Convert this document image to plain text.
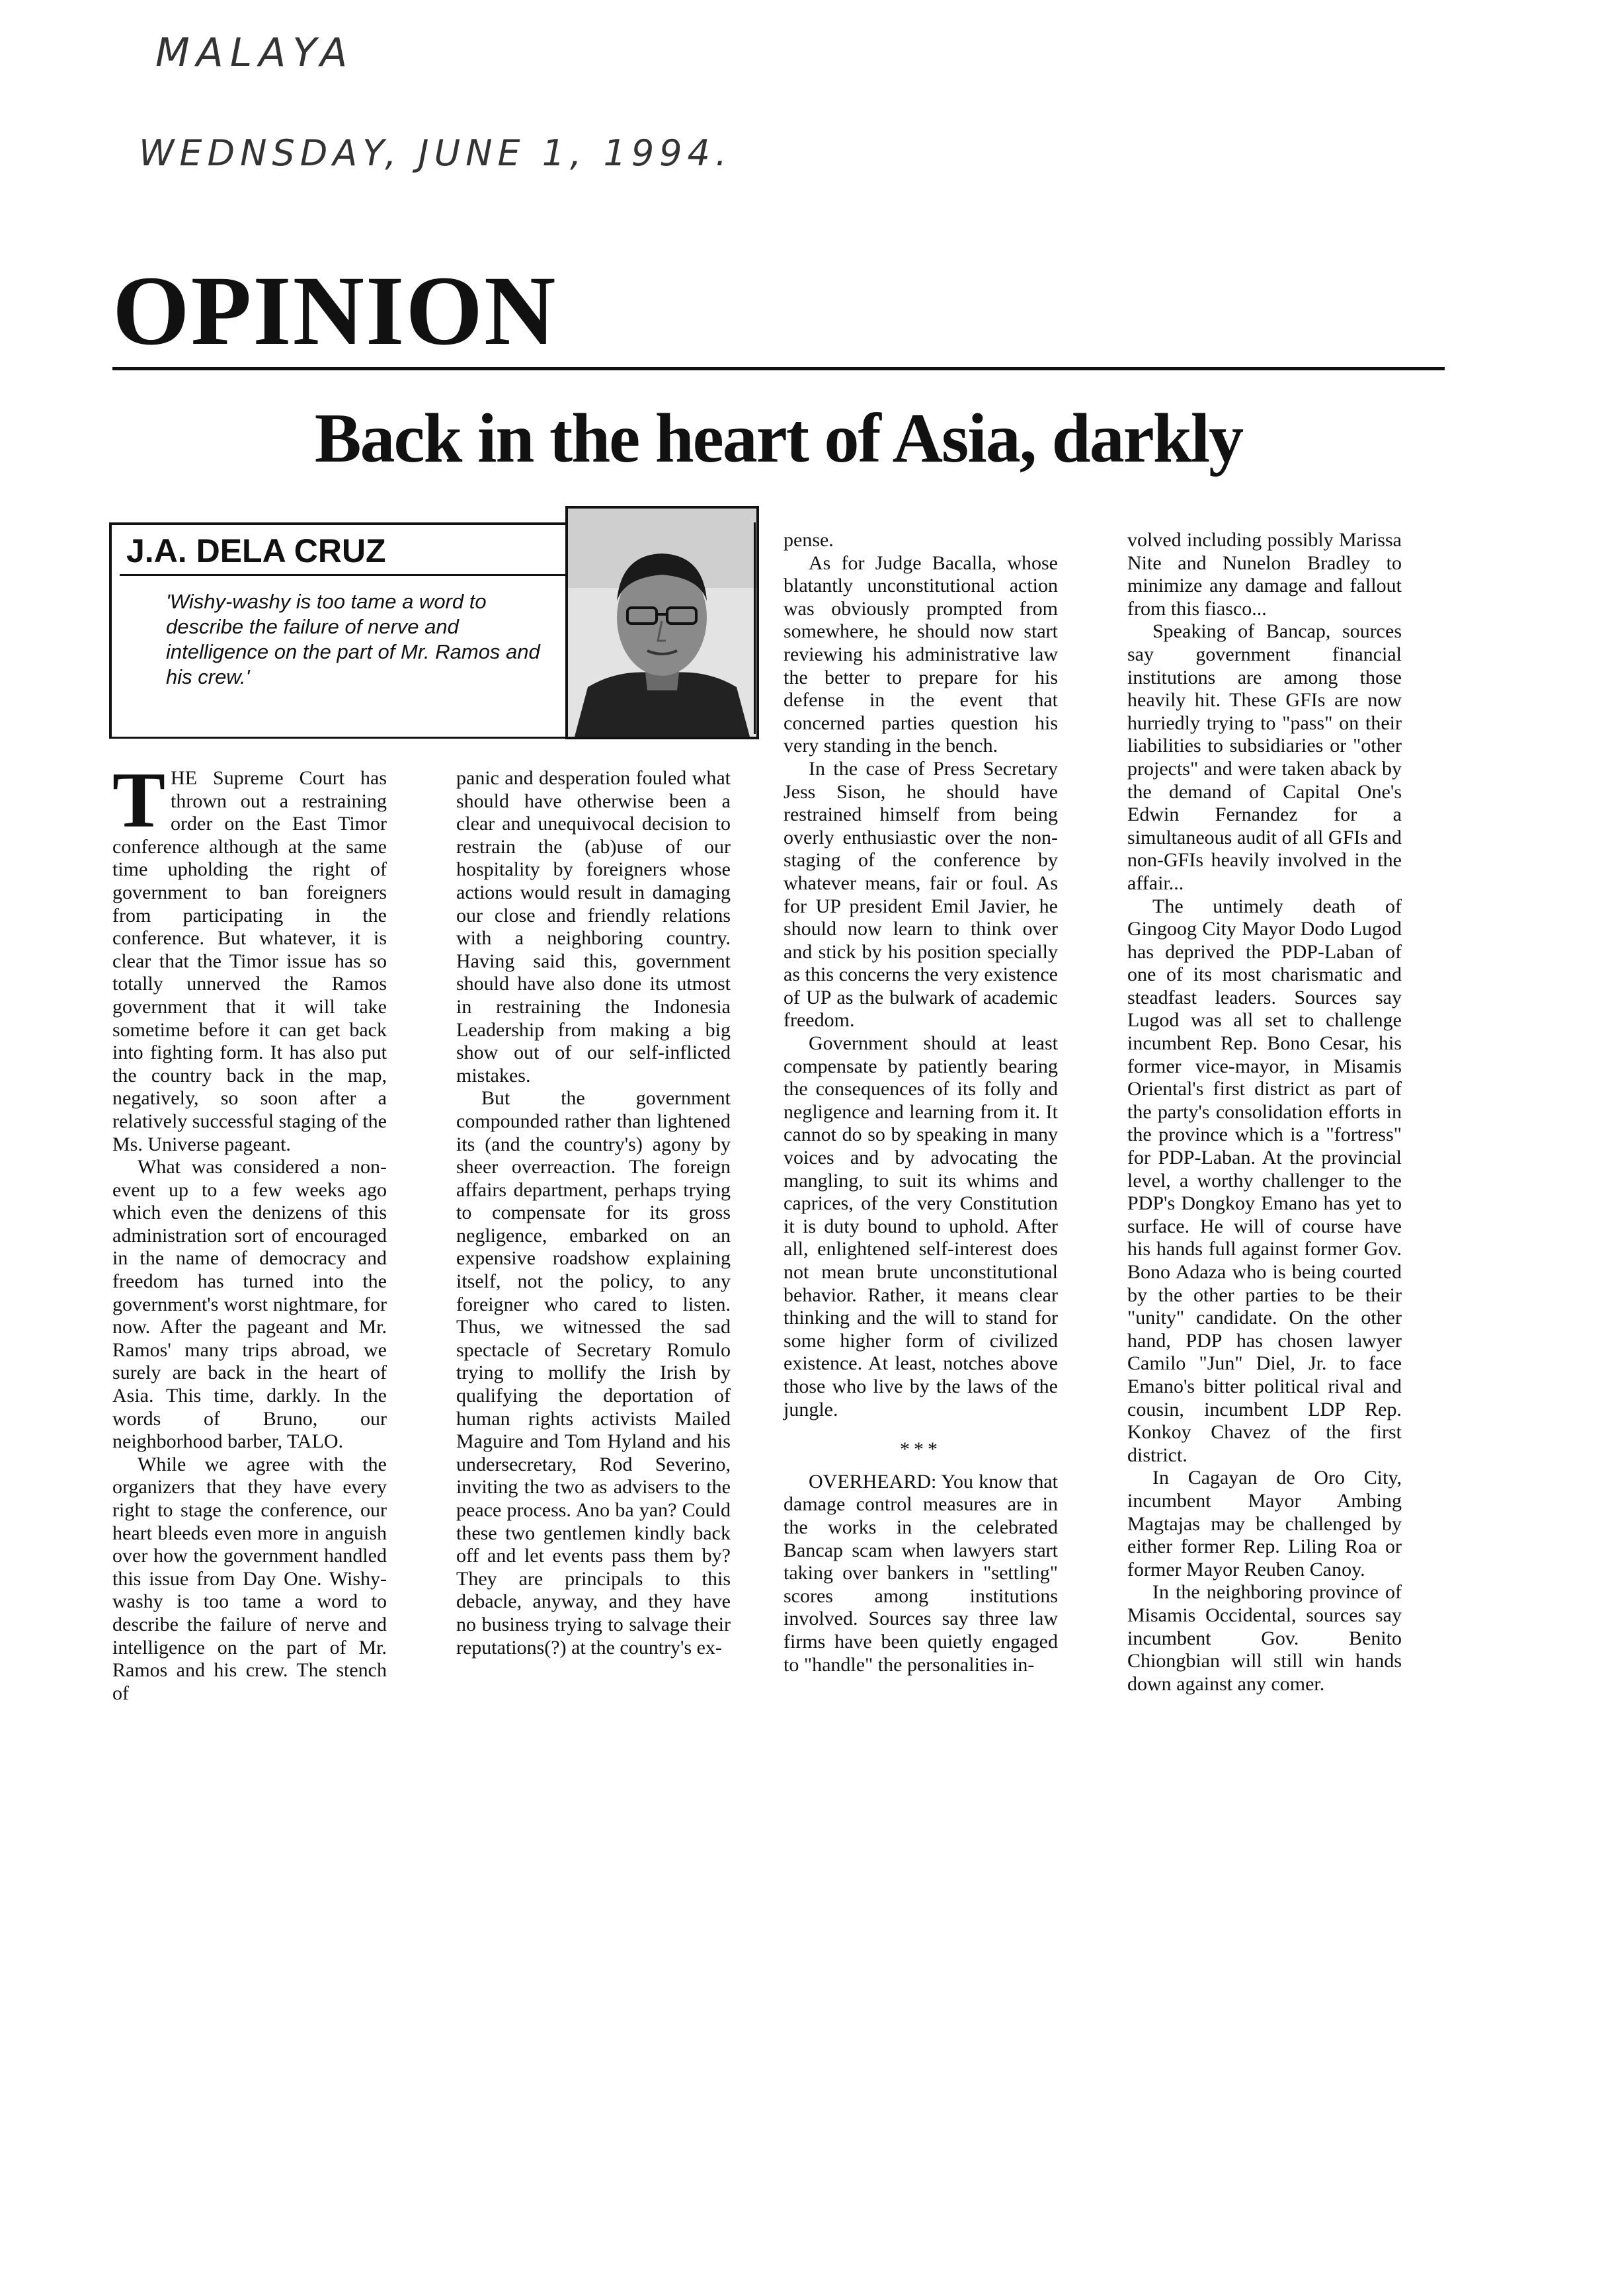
MALAYA
WEDNSDAY, JUNE 1, 1994.
OPINION
Back in the heart of Asia, darkly
J.A. DELA CRUZ
'Wishy-washy is too tame a word to describe the failure of nerve and intelligence on the part of Mr. Ramos and his crew.'

THE Supreme Court has thrown out a restraining order on the East Timor conference although at the same time upholding the right of government to ban foreigners from participating in the conference. But whatever, it is clear that the Timor issue has so totally unnerved the Ramos government that it will take sometime before it can get back into fighting form. It has also put the country back in the map, negatively, so soon after a relatively successful staging of the Ms. Universe pageant.

What was considered a non-event up to a few weeks ago which even the denizens of this administration sort of encouraged in the name of democracy and freedom has turned into the government's worst nightmare, for now. After the pageant and Mr. Ramos' many trips abroad, we surely are back in the heart of Asia. This time, darkly. In the words of Bruno, our neighborhood barber, TALO.

While we agree with the organizers that they have every right to stage the conference, our heart bleeds even more in anguish over how the government handled this issue from Day One. Wishy-washy is too tame a word to describe the failure of nerve and intelligence on the part of Mr. Ramos and his crew. The stench of

panic and desperation fouled what should have otherwise been a clear and unequivocal decision to restrain the (ab)use of our hospitality by foreigners whose actions would result in damaging our close and friendly relations with a neighboring country. Having said this, government should have also done its utmost in restraining the Indonesia Leadership from making a big show out of our self-inflicted mistakes.

But the government compounded rather than lightened its (and the country's) agony by sheer overreaction. The foreign affairs department, perhaps trying to compensate for its gross negligence, embarked on an expensive roadshow explaining itself, not the policy, to any foreigner who cared to listen. Thus, we witnessed the sad spectacle of Secretary Romulo trying to mollify the Irish by qualifying the deportation of human rights activists Mailed Maguire and Tom Hyland and his undersecretary, Rod Severino, inviting the two as advisers to the peace process. Ano ba yan? Could these two gentlemen kindly back off and let events pass them by? They are principals to this debacle, anyway, and they have no business trying to salvage their reputations(?) at the country's ex-

pense.

As for Judge Bacalla, whose blatantly unconstitutional action was obviously prompted from somewhere, he should now start reviewing his administrative law the better to prepare for his defense in the event that concerned parties question his very standing in the bench.

In the case of Press Secretary Jess Sison, he should have restrained himself from being overly enthusiastic over the non-staging of the conference by whatever means, fair or foul. As for UP president Emil Javier, he should now learn to think over and stick by his position specially as this concerns the very existence of UP as the bulwark of academic freedom.

Government should at least compensate by patiently bearing the consequences of its folly and negligence and learning from it. It cannot do so by speaking in many voices and by advocating the mangling, to suit its whims and caprices, of the very Constitution it is duty bound to uphold. After all, enlightened self-interest does not mean brute unconstitutional behavior. Rather, it means clear thinking and the will to stand for some higher form of civilized existence. At least, notches above those who live by the laws of the jungle.

***

OVERHEARD: You know that damage control measures are in the works in the celebrated Bancap scam when lawyers start taking over bankers in "settling" scores among institutions involved. Sources say three law firms have been quietly engaged to "handle" the personalities in-

volved including possibly Marissa Nite and Nunelon Bradley to minimize any damage and fallout from this fiasco...

Speaking of Bancap, sources say government financial institutions are among those heavily hit. These GFIs are now hurriedly trying to "pass" on their liabilities to subsidiaries or "other projects" and were taken aback by the demand of Capital One's Edwin Fernandez for a simultaneous audit of all GFIs and non-GFIs heavily involved in the affair...

The untimely death of Gingoog City Mayor Dodo Lugod has deprived the PDP-Laban of one of its most charismatic and steadfast leaders. Sources say Lugod was all set to challenge incumbent Rep. Bono Cesar, his former vice-mayor, in Misamis Oriental's first district as part of the party's consolidation efforts in the province which is a "fortress" for PDP-Laban. At the provincial level, a worthy challenger to the PDP's Dongkoy Emano has yet to surface. He will of course have his hands full against former Gov. Bono Adaza who is being courted by the other parties to be their "unity" candidate. On the other hand, PDP has chosen lawyer Camilo "Jun" Diel, Jr. to face Emano's bitter political rival and cousin, incumbent LDP Rep. Konkoy Chavez of the first district.

In Cagayan de Oro City, incumbent Mayor Ambing Magtajas may be challenged by either former Rep. Liling Roa or former Mayor Reuben Canoy.

In the neighboring province of Misamis Occidental, sources say incumbent Gov. Benito Chiongbian will still win hands down against any comer.
